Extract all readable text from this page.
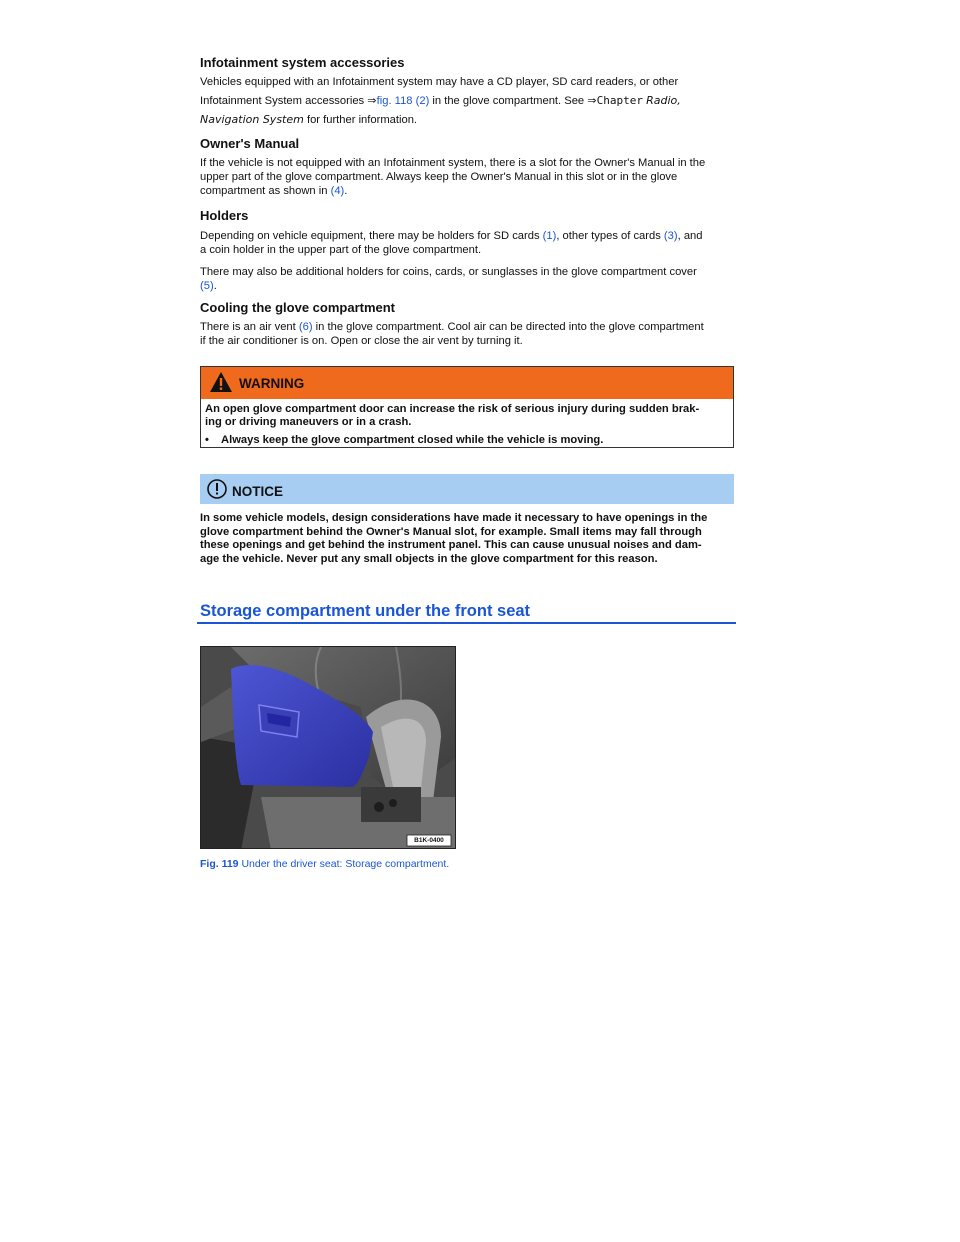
Infotainment system accessories

Vehicles equipped with an Infotainment system may have a CD player, SD card readers, or other

Infotainment System accessories ⇒fig. 118 (2) in the glove compartment. See ⇒Chapter Radio,

Navigation System for further information.

Owner's Manual

If the vehicle is not equipped with an Infotainment system, there is a slot for the Owner's Manual in the
upper part of the glove compartment. Always keep the Owner's Manual in this slot or in the glove
compartment as shown in (4).

Holders

Depending on vehicle equipment, there may be holders for SD cards (1), other types of cards (3), and
a coin holder in the upper part of the glove compartment.
There may also be additional holders for coins, cards, or sunglasses in the glove compartment cover
(5).

Cooling the glove compartment

There is an air vent (6) in the glove compartment. Cool air can be directed into the glove compartment
if the air conditioner is on. Open or close the air vent by turning it.
WARNING
An open glove compartment door can increase the risk of serious injury during sudden brak-
ing or driving maneuvers or in a crash.
• Always keep the glove compartment closed while the vehicle is moving.
NOTICE
In some vehicle models, design considerations have made it necessary to have openings in the
glove compartment behind the Owner's Manual slot, for example. Small items may fall through
these openings and get behind the instrument panel. This can cause unusual noises and dam-
age the vehicle. Never put any small objects in the glove compartment for this reason.
Storage compartment under the front seat
B1K-0400
Fig. 119 Under the driver seat: Storage compartment.
